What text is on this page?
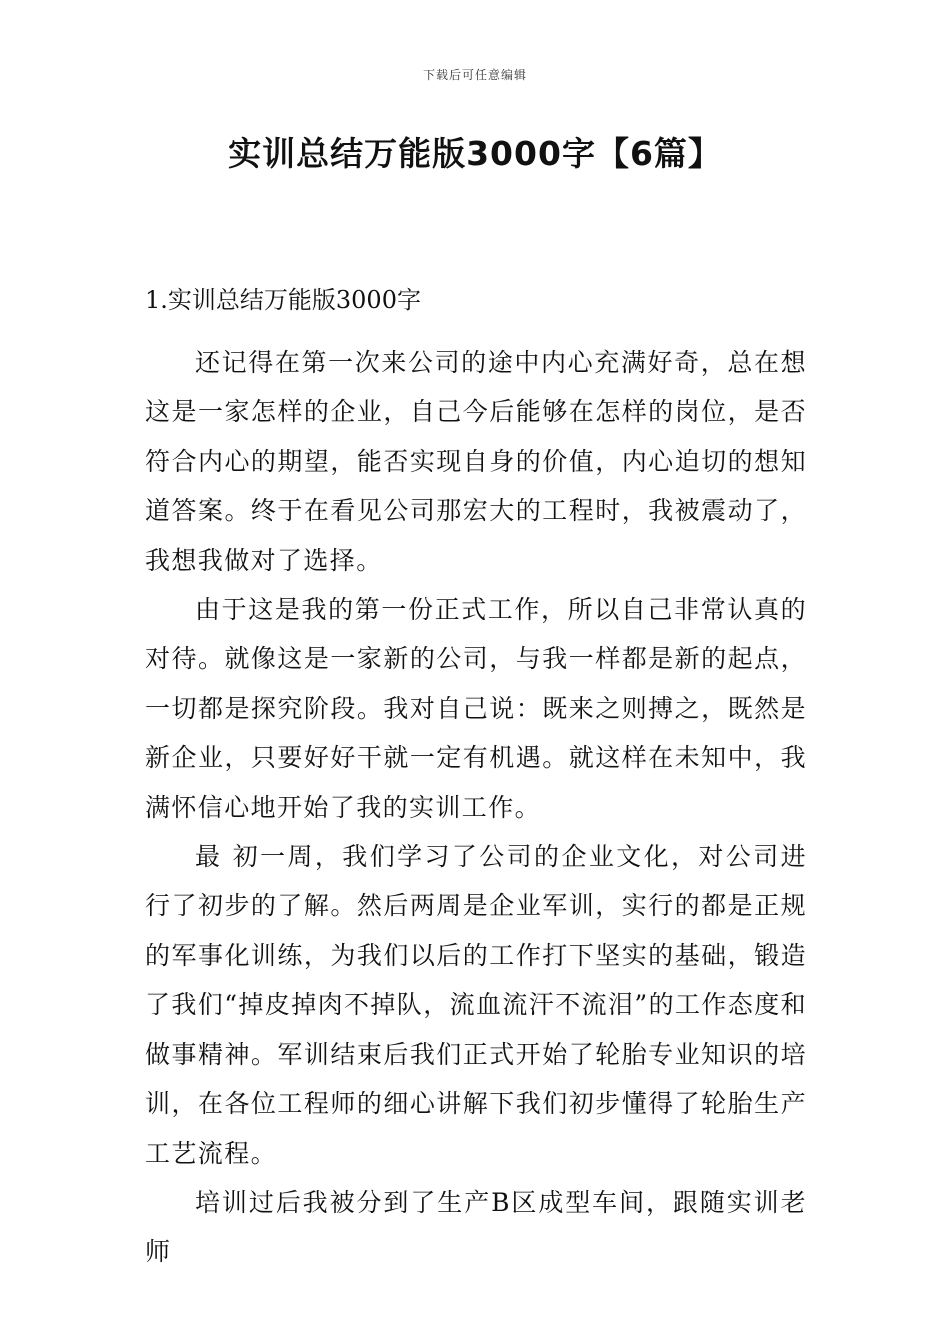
下载后可任意编辑
实训总结万能版3000字【6篇】

1.实训总结万能版3000字

还记得在第一次来公司的途中内心充满好奇，总在想这是一家怎样的企业，自己今后能够在怎样的岗位，是否符合内心的期望，能否实现自身的价值，内心迫切的想知道答案。终于在看见公司那宏大的工程时，我被震动了，我想我做对了选择。

由于这是我的第一份正式工作，所以自己非常认真的对待。就像这是一家新的公司，与我一样都是新的起点，一切都是探究阶段。我对自己说：既来之则搏之，既然是新企业，只要好好干就一定有机遇。就这样在未知中，我满怀信心地开始了我的实训工作。

最 初一周，我们学习了公司的企业文化，对公司进行了初步的了解。然后两周是企业军训，实行的都是正规的军事化训练，为我们以后的工作打下坚实的基础，锻造了我们“掉皮掉肉不掉队，流血流汗不流泪”的工作态度和做事精神。军训结束后我们正式开始了轮胎专业知识的培训，在各位工程师的细心讲解下我们初步懂得了轮胎生产工艺流程。

培训过后我被分到了生产B区成型车间，跟随实训老师
